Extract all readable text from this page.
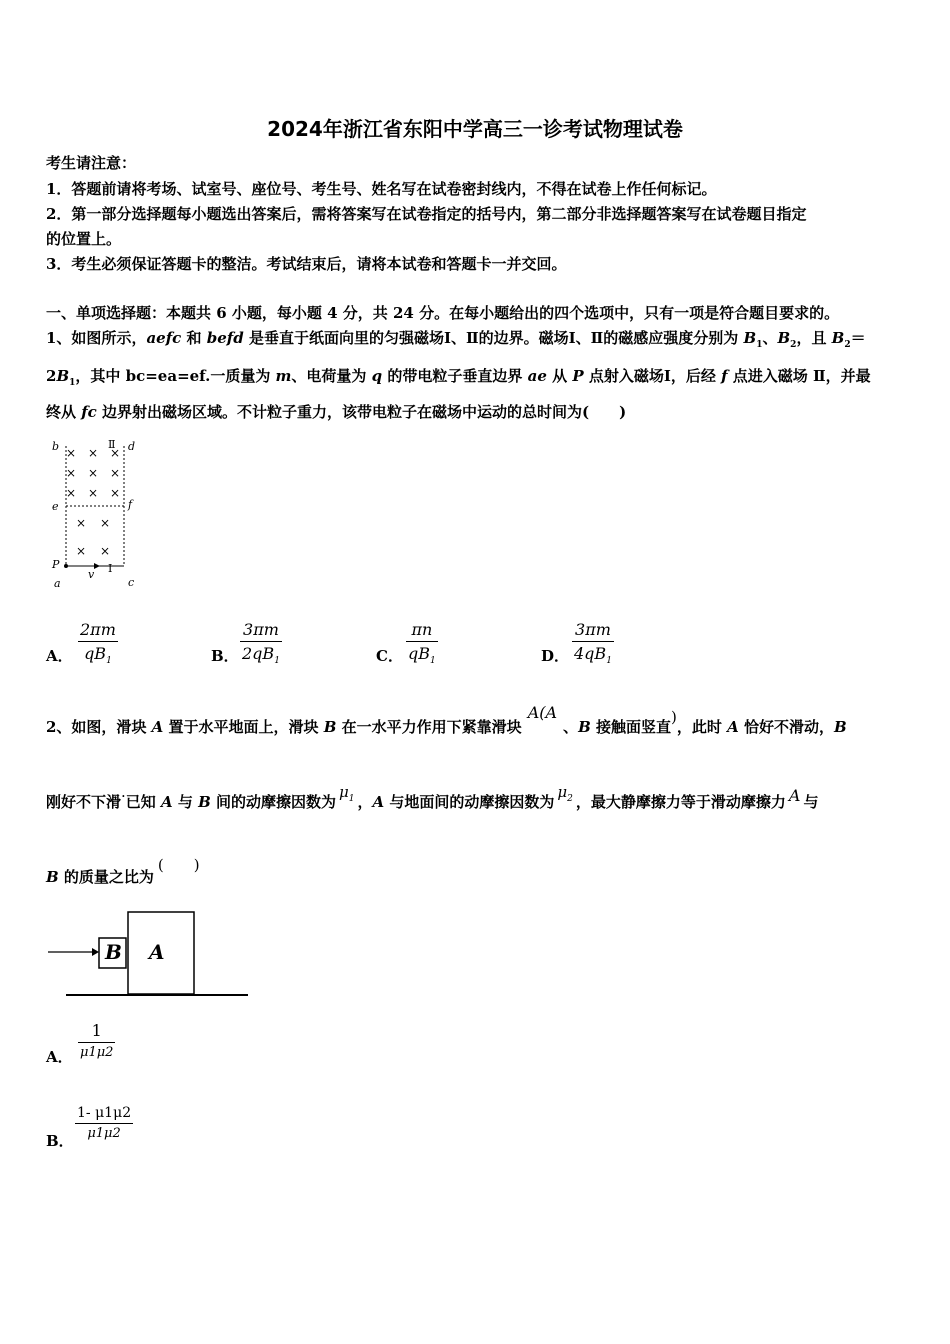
2024年浙江省东阳中学高三一诊考试物理试卷
考生请注意：
1．答题前请将考场、试室号、座位号、考生号、姓名写在试卷密封线内，不得在试卷上作任何标记。
2．第一部分选择题每小题选出答案后，需将答案写在试卷指定的括号内，第二部分非选择题答案写在试卷题目指定
的位置上。
3．考生必须保证答题卡的整洁。考试结束后，请将本试卷和答题卡一并交回。
一、单项选择题：本题共 6 小题，每小题 4 分，共 24 分。在每小题给出的四个选项中，只有一项是符合题目要求的。
1、如图所示，aefc 和 befd 是垂直于纸面向里的匀强磁场Ⅰ、Ⅱ的边界。磁场Ⅰ、Ⅱ的磁感应强度分别为 $B_1$、$B_2$，且 $B_2=$
$2B_1$，其中 bc=ea=ef.一质量为 m、电荷量为 q 的带电粒子垂直边界 ae 从 P 点射入磁场Ⅰ，后经 f 点进入磁场 Ⅱ，并最
终从 fc 边界射出磁场区域。不计粒子重力，该带电粒子在磁场中运动的总时间为(　　)
b	Ⅱ d
e	f
P
a
v Ⅰ
c
× × ×
× × ×
× × ×
× ×
× ×
A．
2πm
$qB_1$	B．
3πm
$2qB_1$	C．
πn
$qB_1$	D．
3πm
$4qB_1$
2、如图，滑块 A 置于水平地面上，滑块 B 在一水平力作用下紧靠滑块A(A、B 接触面竖直)，此时 A 恰好不滑动，B
刚好不下滑·已知 A 与 B 间的动摩擦因数为$\mu_1$ ，A 与地面间的动摩擦因数为$\mu_2$ ，最大静摩擦力等于滑动摩擦力 A 与
B 的质量之比为(　　)
B A
A．
1
μ1μ2
B．
1- μ1μ2
μ1μ2
